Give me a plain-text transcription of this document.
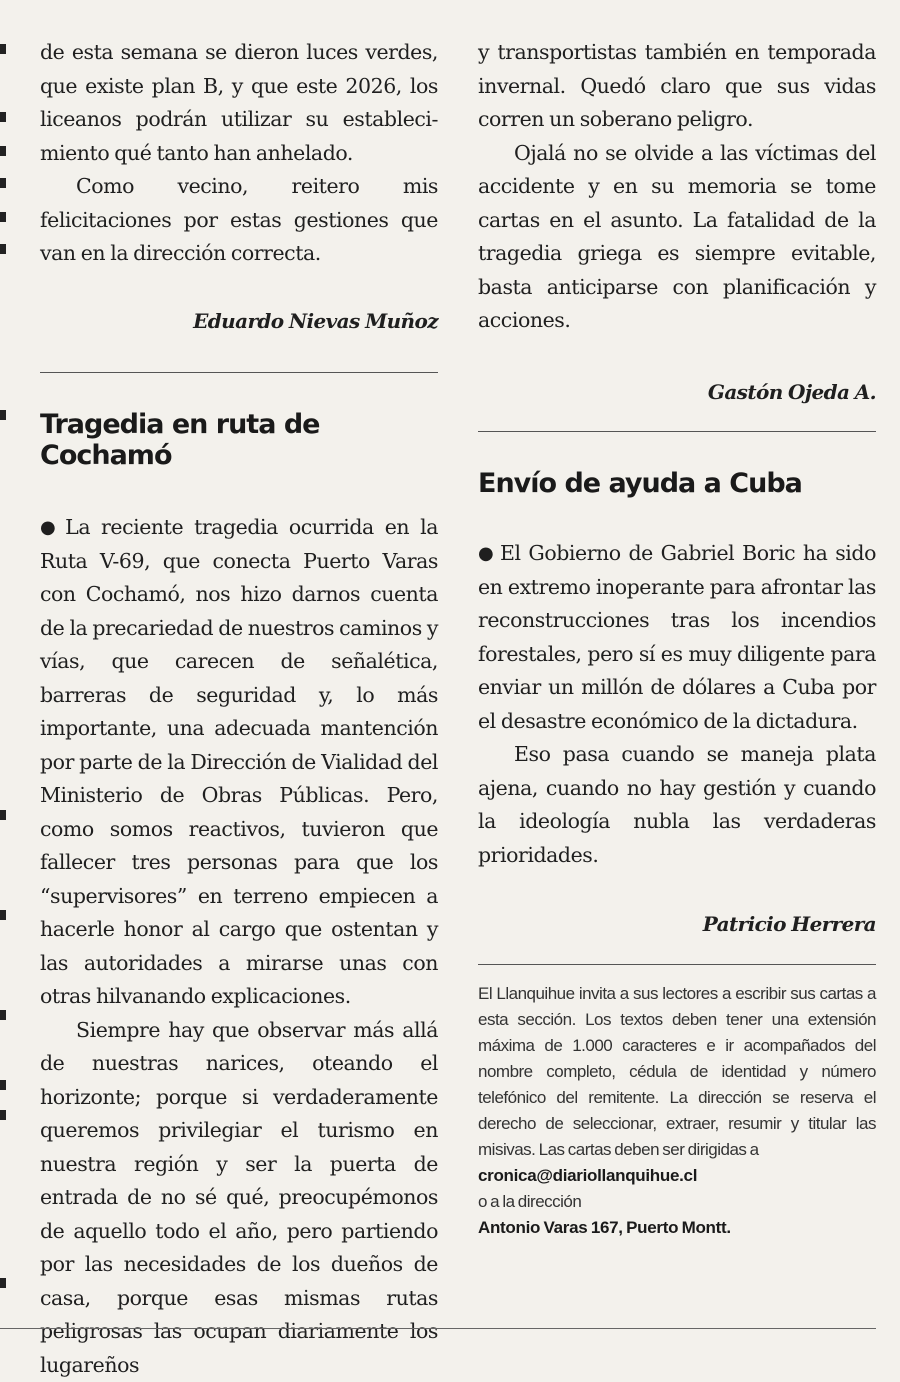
de esta semana se dieron luces verdes, que existe plan B, y que este 2026, los liceanos podrán utilizar su estableci-miento qué tanto han anhelado.

Como vecino, reitero mis felicitaciones por estas gestiones que van en la dirección correcta.

Eduardo Nievas Muñoz

Tragedia en ruta de Cochamó

● La reciente tragedia ocurrida en la Ruta V-69, que conecta Puerto Varas con Cochamó, nos hizo darnos cuenta de la precariedad de nuestros caminos y vías, que carecen de señalética, barreras de seguridad y, lo más importante, una adecuada mantención por parte de la Dirección de Vialidad del Ministerio de Obras Públicas. Pero, como somos reactivos, tuvieron que fallecer tres personas para que los “supervisores” en terreno empiecen a hacerle honor al cargo que ostentan y las autoridades a mirarse unas con otras hilvanando explicaciones.

Siempre hay que observar más allá de nuestras narices, oteando el horizonte; porque si verdaderamente queremos privilegiar el turismo en nuestra región y ser la puerta de entrada de no sé qué, preocupémonos de aquello todo el año, pero partiendo por las necesidades de los dueños de casa, porque esas mismas rutas peligrosas las ocupan diariamente los lugareños

y transportistas también en temporada invernal. Quedó claro que sus vidas corren un soberano peligro.

Ojalá no se olvide a las víctimas del accidente y en su memoria se tome cartas en el asunto. La fatalidad de la tragedia griega es siempre evitable, basta anticiparse con planificación y acciones.

Gastón Ojeda A.

Envío de ayuda a Cuba

● El Gobierno de Gabriel Boric ha sido en extremo inoperante para afrontar las reconstrucciones tras los incendios forestales, pero sí es muy diligente para enviar un millón de dólares a Cuba por el desastre económico de la dictadura.

Eso pasa cuando se maneja plata ajena, cuando no hay gestión y cuando la ideología nubla las verdaderas prioridades.

Patricio Herrera

El Llanquihue invita a sus lectores a escribir sus cartas a esta sección. Los textos deben tener una extensión máxima de 1.000 caracteres e ir acompañados del nombre completo, cédula de identidad y número telefónico del remitente. La dirección se reserva el derecho de seleccionar, extraer, resumir y titular las misivas. Las cartas deben ser dirigidas a

cronica@diariollanquihue.cl

o a la dirección

Antonio Varas 167, Puerto Montt.
